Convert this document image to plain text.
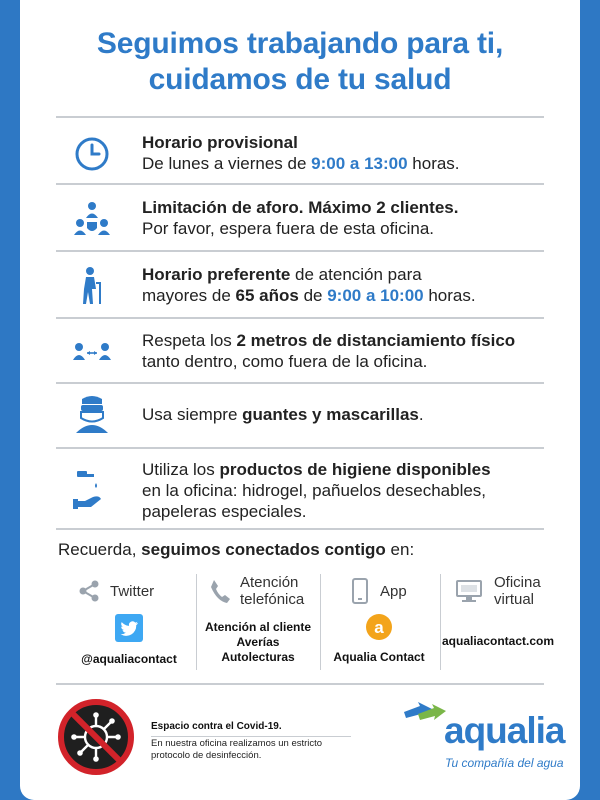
Seguimos trabajando para ti,
cuidamos de tu salud
Horario provisional
De lunes a viernes de 9:00 a 13:00 horas.
Limitación de aforo. Máximo 2 clientes.
Por favor, espera fuera de esta oficina.
Horario preferente de atención para
mayores de 65 años de 9:00 a 10:00 horas.
Respeta los 2 metros de distanciamiento físico
tanto dentro, como fuera de la oficina.
Usa siempre guantes y mascarillas.
Utiliza los productos de higiene disponibles
en la oficina: hidrogel, pañuelos desechables,
papeleras especiales.
Recuerda, seguimos conectados contigo en:
Twitter
@aqualiacontact
Atención
telefónica
Atención al cliente
Averías
Autolecturas
App
a
Aqualia Contact
Oficina
virtual
aqualiacontact.com
Espacio contra el Covid-19.
En nuestra oficina realizamos un estricto protocolo de desinfección.
aqualia
Tu compañía del agua
